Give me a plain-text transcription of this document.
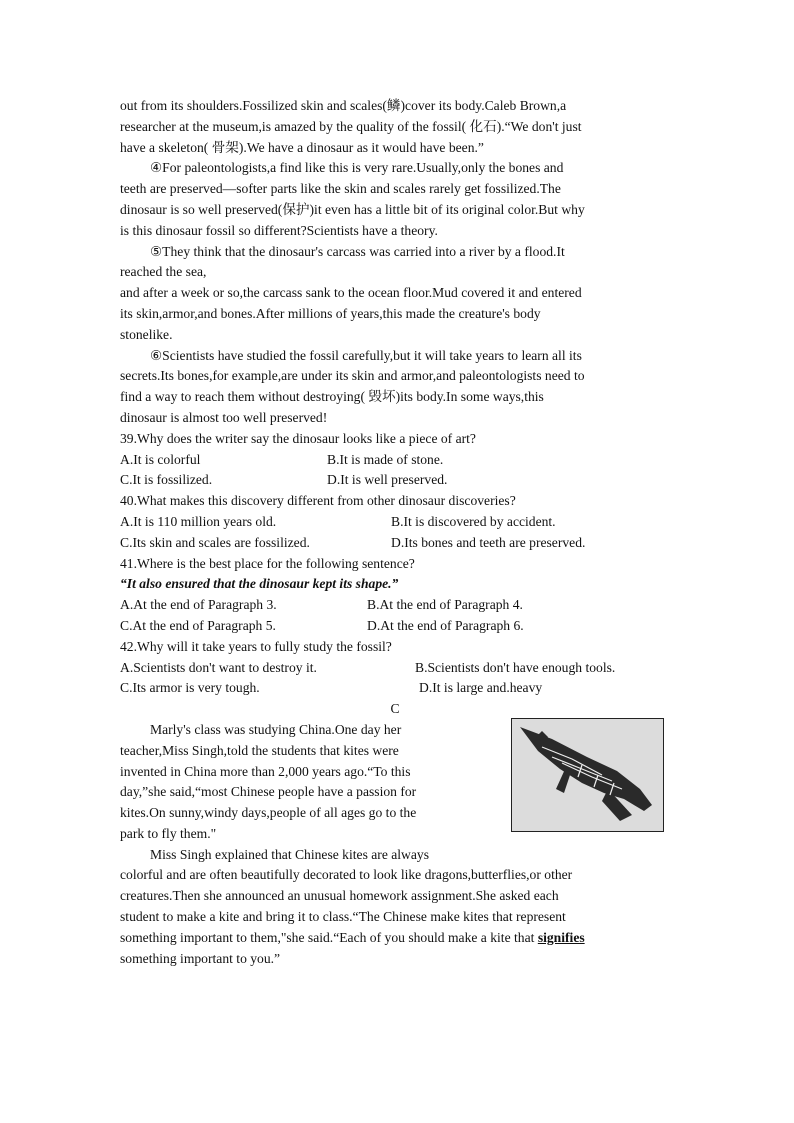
out from its shoulders.Fossilized skin and scales(鳞)cover its body.Caleb Brown,a
researcher at the museum,is amazed by the quality of the fossil( 化石).“We don't just
have a skeleton( 骨架).We have a dinosaur as it would have been.”
④For paleontologists,a find like this is very rare.Usually,only the bones and
teeth are preserved—softer parts like the skin and scales rarely get fossilized.The
dinosaur is so well preserved(保护)it even has a little bit of its original color.But why
is this dinosaur fossil so different?Scientists have a theory.
⑤They think that the dinosaur's carcass was carried into a river by a flood.It
reached the sea,
and after a week or so,the carcass sank to the ocean floor.Mud covered it and entered
its skin,armor,and bones.After millions of years,this made the creature's body
stonelike.
⑥Scientists have studied the fossil carefully,but it will take years to learn all its
secrets.Its bones,for example,are under its skin and armor,and paleontologists need to
find a way to reach them without destroying( 毁坏)its body.In some ways,this
dinosaur is almost too well preserved!
39.Why does the writer say the dinosaur looks like a piece of art?
A.It is colorful	B.It is made of stone.
C.It is fossilized.	D.It is well preserved.
40.What makes this discovery different from other dinosaur discoveries?
A.It is 110 million years old.	B.It is discovered by accident.
C.Its skin and scales are fossilized.	D.Its bones and teeth are preserved.
41.Where is the best place for the following sentence?
“It also ensured that the dinosaur kept its shape.”
A.At the end of Paragraph 3.	B.At the end of Paragraph 4.
C.At the end of Paragraph 5.	D.At the end of Paragraph 6.
42.Why will it take years to fully study the fossil?
A.Scientists don't want to destroy it.	B.Scientists don't have enough tools.
C.Its armor is very tough.	D.It is large and.heavy
C
Marly's class was studying China.One day her
teacher,Miss Singh,told the students that kites were
invented in China more than 2,000 years ago.“To this
day,”she said,“most Chinese people have a passion for
kites.On sunny,windy days,people of all ages go to the
park to fly them."
Miss Singh explained that Chinese kites are always
colorful and are often beautifully decorated to look like dragons,butterflies,or other
creatures.Then she announced an unusual homework assignment.She asked each
student to make a kite and bring it to class.“The Chinese make kites that represent
something important to them,"she said.“Each of you should make a kite that signifies
something important to you.”
